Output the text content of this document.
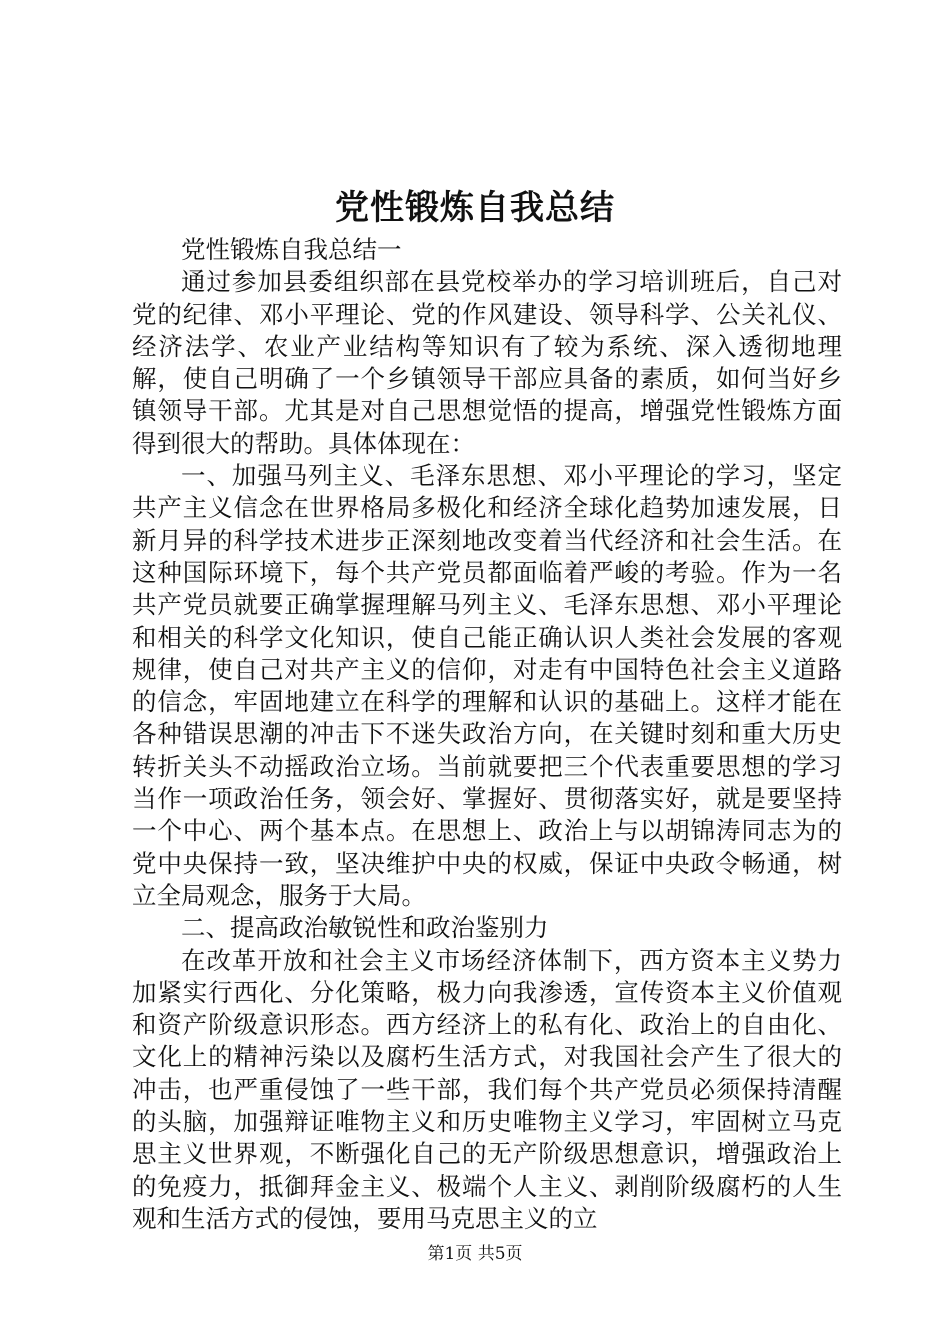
党性锻炼自我总结

党性锻炼自我总结一

通过参加县委组织部在县党校举办的学习培训班后，自己对党的纪律、邓小平理论、党的作风建设、领导科学、公关礼仪、经济法学、农业产业结构等知识有了较为系统、深入透彻地理解，使自己明确了一个乡镇领导干部应具备的素质，如何当好乡镇领导干部。尤其是对自己思想觉悟的提高，增强党性锻炼方面得到很大的帮助。具体体现在：

一、加强马列主义、毛泽东思想、邓小平理论的学习，坚定共产主义信念在世界格局多极化和经济全球化趋势加速发展，日新月异的科学技术进步正深刻地改变着当代经济和社会生活。在这种国际环境下，每个共产党员都面临着严峻的考验。作为一名共产党员就要正确掌握理解马列主义、毛泽东思想、邓小平理论和相关的科学文化知识，使自己能正确认识人类社会发展的客观规律，使自己对共产主义的信仰，对走有中国特色社会主义道路的信念，牢固地建立在科学的理解和认识的基础上。这样才能在各种错误思潮的冲击下不迷失政治方向，在关键时刻和重大历史转折关头不动摇政治立场。当前就要把三个代表重要思想的学习当作一项政治任务，领会好、掌握好、贯彻落实好，就是要坚持一个中心、两个基本点。在思想上、政治上与以胡锦涛同志为的党中央保持一致，坚决维护中央的权威，保证中央政令畅通，树立全局观念，服务于大局。

二、提高政治敏锐性和政治鉴别力

在改革开放和社会主义市场经济体制下，西方资本主义势力加紧实行西化、分化策略，极力向我渗透，宣传资本主义价值观和资产阶级意识形态。西方经济上的私有化、政治上的自由化、文化上的精神污染以及腐朽生活方式，对我国社会产生了很大的冲击，也严重侵蚀了一些干部，我们每个共产党员必须保持清醒的头脑，加强辩证唯物主义和历史唯物主义学习，牢固树立马克思主义世界观，不断强化自己的无产阶级思想意识，增强政治上的免疫力，抵御拜金主义、极端个人主义、剥削阶级腐朽的人生观和生活方式的侵蚀，要用马克思主义的立

第1页 共5页
